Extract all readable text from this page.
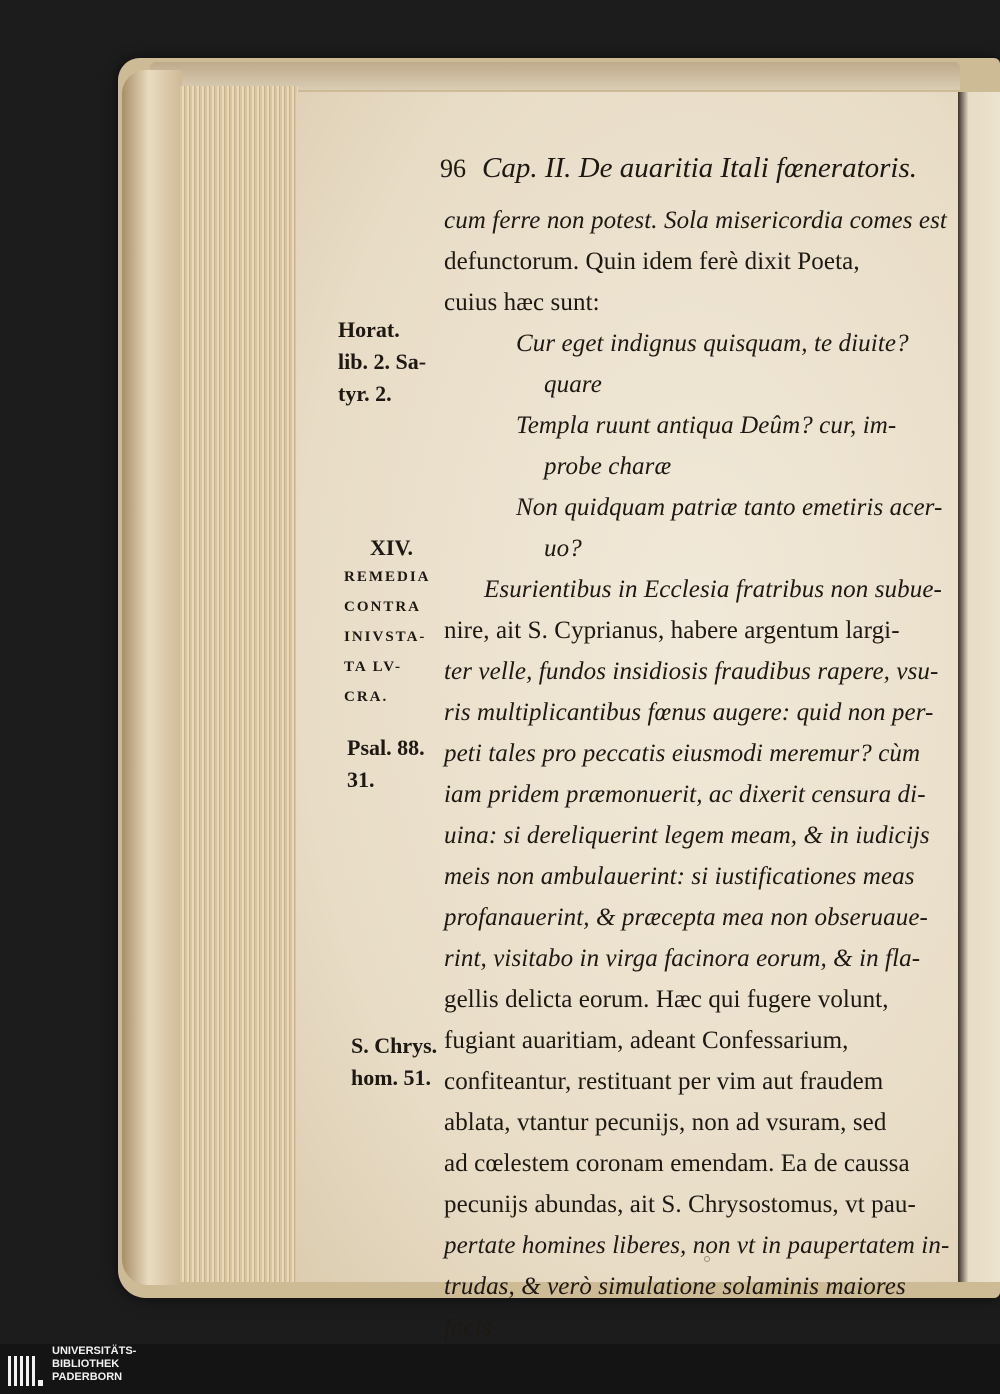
96 Cap. II. De auaritia Itali fœneratoris.
cum ferre non potest. Sola misericordia comes est
defunctorum. Quin idem ferè dixit Poeta,
cuius hæc sunt:
Cur eget indignus quisquam, te diuite?
quare
Templa ruunt antiqua Deûm? cur, im-
probe charæ
Non quidquam patriæ tanto emetiris acer-
uo?
Esurientibus in Ecclesia fratribus non subue-
nire, ait S. Cyprianus, habere argentum largi-
ter velle, fundos insidiosis fraudibus rapere, vsu-
ris multiplicantibus fœnus augere: quid non per-
peti tales pro peccatis eiusmodi meremur? cùm
iam pridem præmonuerit, ac dixerit censura di-
uina: si dereliquerint legem meam, & in iudicijs
meis non ambulauerint: si iustificationes meas
profanauerint, & præcepta mea non obseruaue-
rint, visitabo in virga facinora eorum, & in fla-
gellis delicta eorum. Hæc qui fugere volunt,
fugiant auaritiam, adeant Confessarium,
confiteantur, restituant per vim aut fraudem
ablata, vtantur pecunijs, non ad vsuram, sed
ad cœlestem coronam emendam. Ea de caussa
pecunijs abundas, ait S. Chrysostomus, vt pau-
pertate homines liberes, non vt in paupertatem in-
trudas, & verò simulatione solaminis maiores
facis
Horat.
lib. 2. Sa-
tyr. 2.
XIV.
REMEDIA
CONTRA
INIVSTA-
TA LV-
CRA.
Psal. 88.
31.
S. Chrys.
hom. 51.
UNIVERSITÄTS-
BIBLIOTHEK
PADERBORN
